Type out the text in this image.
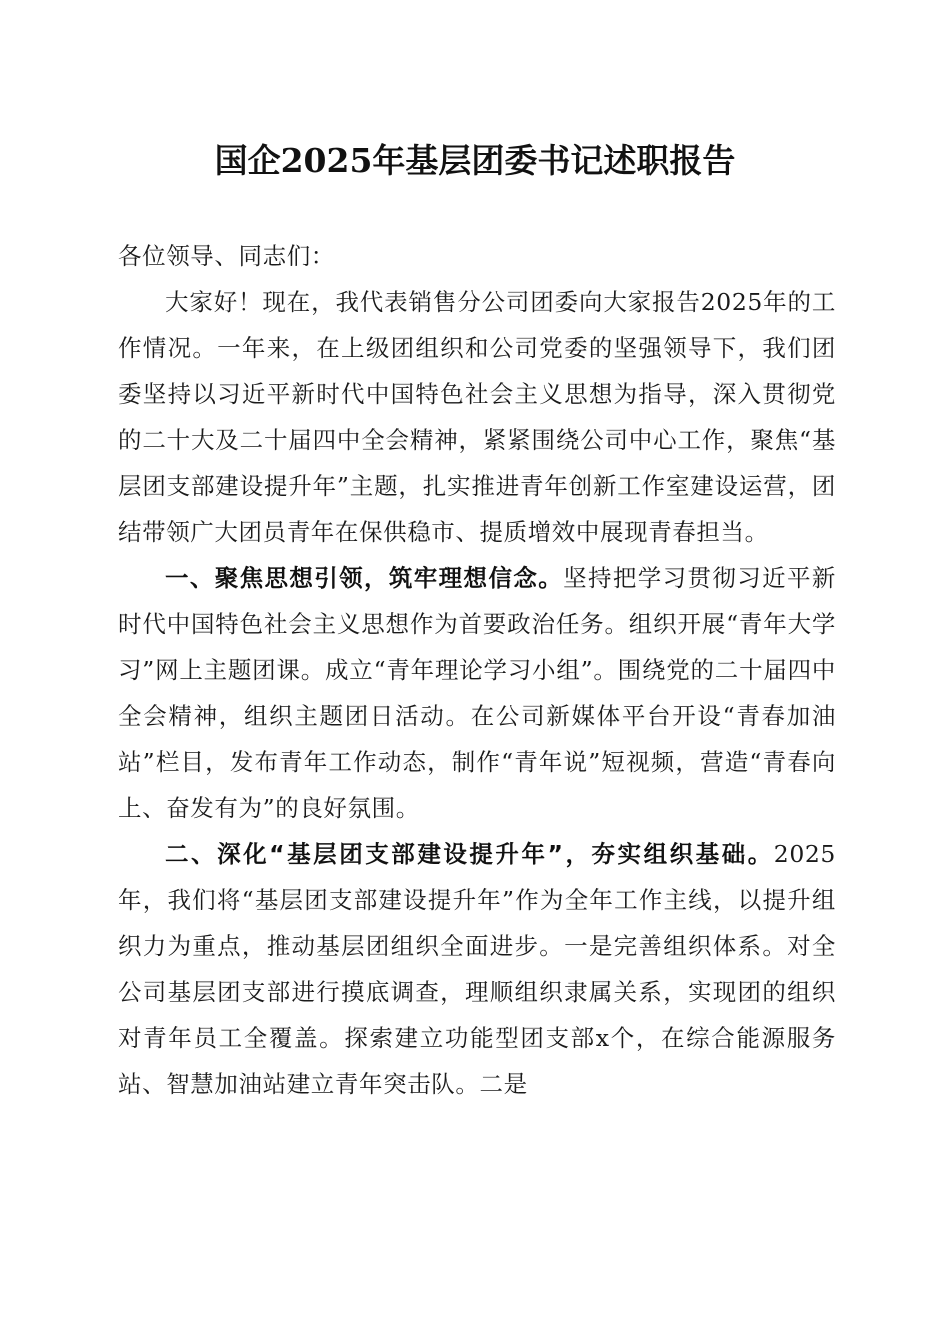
国企2025年基层团委书记述职报告

各位领导、同志们：

大家好！现在，我代表销售分公司团委向大家报告2025年的工作情况。一年来，在上级团组织和公司党委的坚强领导下，我们团委坚持以习近平新时代中国特色社会主义思想为指导，深入贯彻党的二十大及二十届四中全会精神，紧紧围绕公司中心工作，聚焦“基层团支部建设提升年”主题，扎实推进青年创新工作室建设运营，团结带领广大团员青年在保供稳市、提质增效中展现青春担当。

一、聚焦思想引领，筑牢理想信念。坚持把学习贯彻习近平新时代中国特色社会主义思想作为首要政治任务。组织开展“青年大学习”网上主题团课。成立“青年理论学习小组”。围绕党的二十届四中全会精神，组织主题团日活动。在公司新媒体平台开设“青春加油站”栏目，发布青年工作动态，制作“青年说”短视频，营造“青春向上、奋发有为”的良好氛围。

二、深化“基层团支部建设提升年”，夯实组织基础。2025年，我们将“基层团支部建设提升年”作为全年工作主线，以提升组织力为重点，推动基层团组织全面进步。一是完善组织体系。对全公司基层团支部进行摸底调查，理顺组织隶属关系，实现团的组织对青年员工全覆盖。探索建立功能型团支部x个，在综合能源服务站、智慧加油站建立青年突击队。二是
